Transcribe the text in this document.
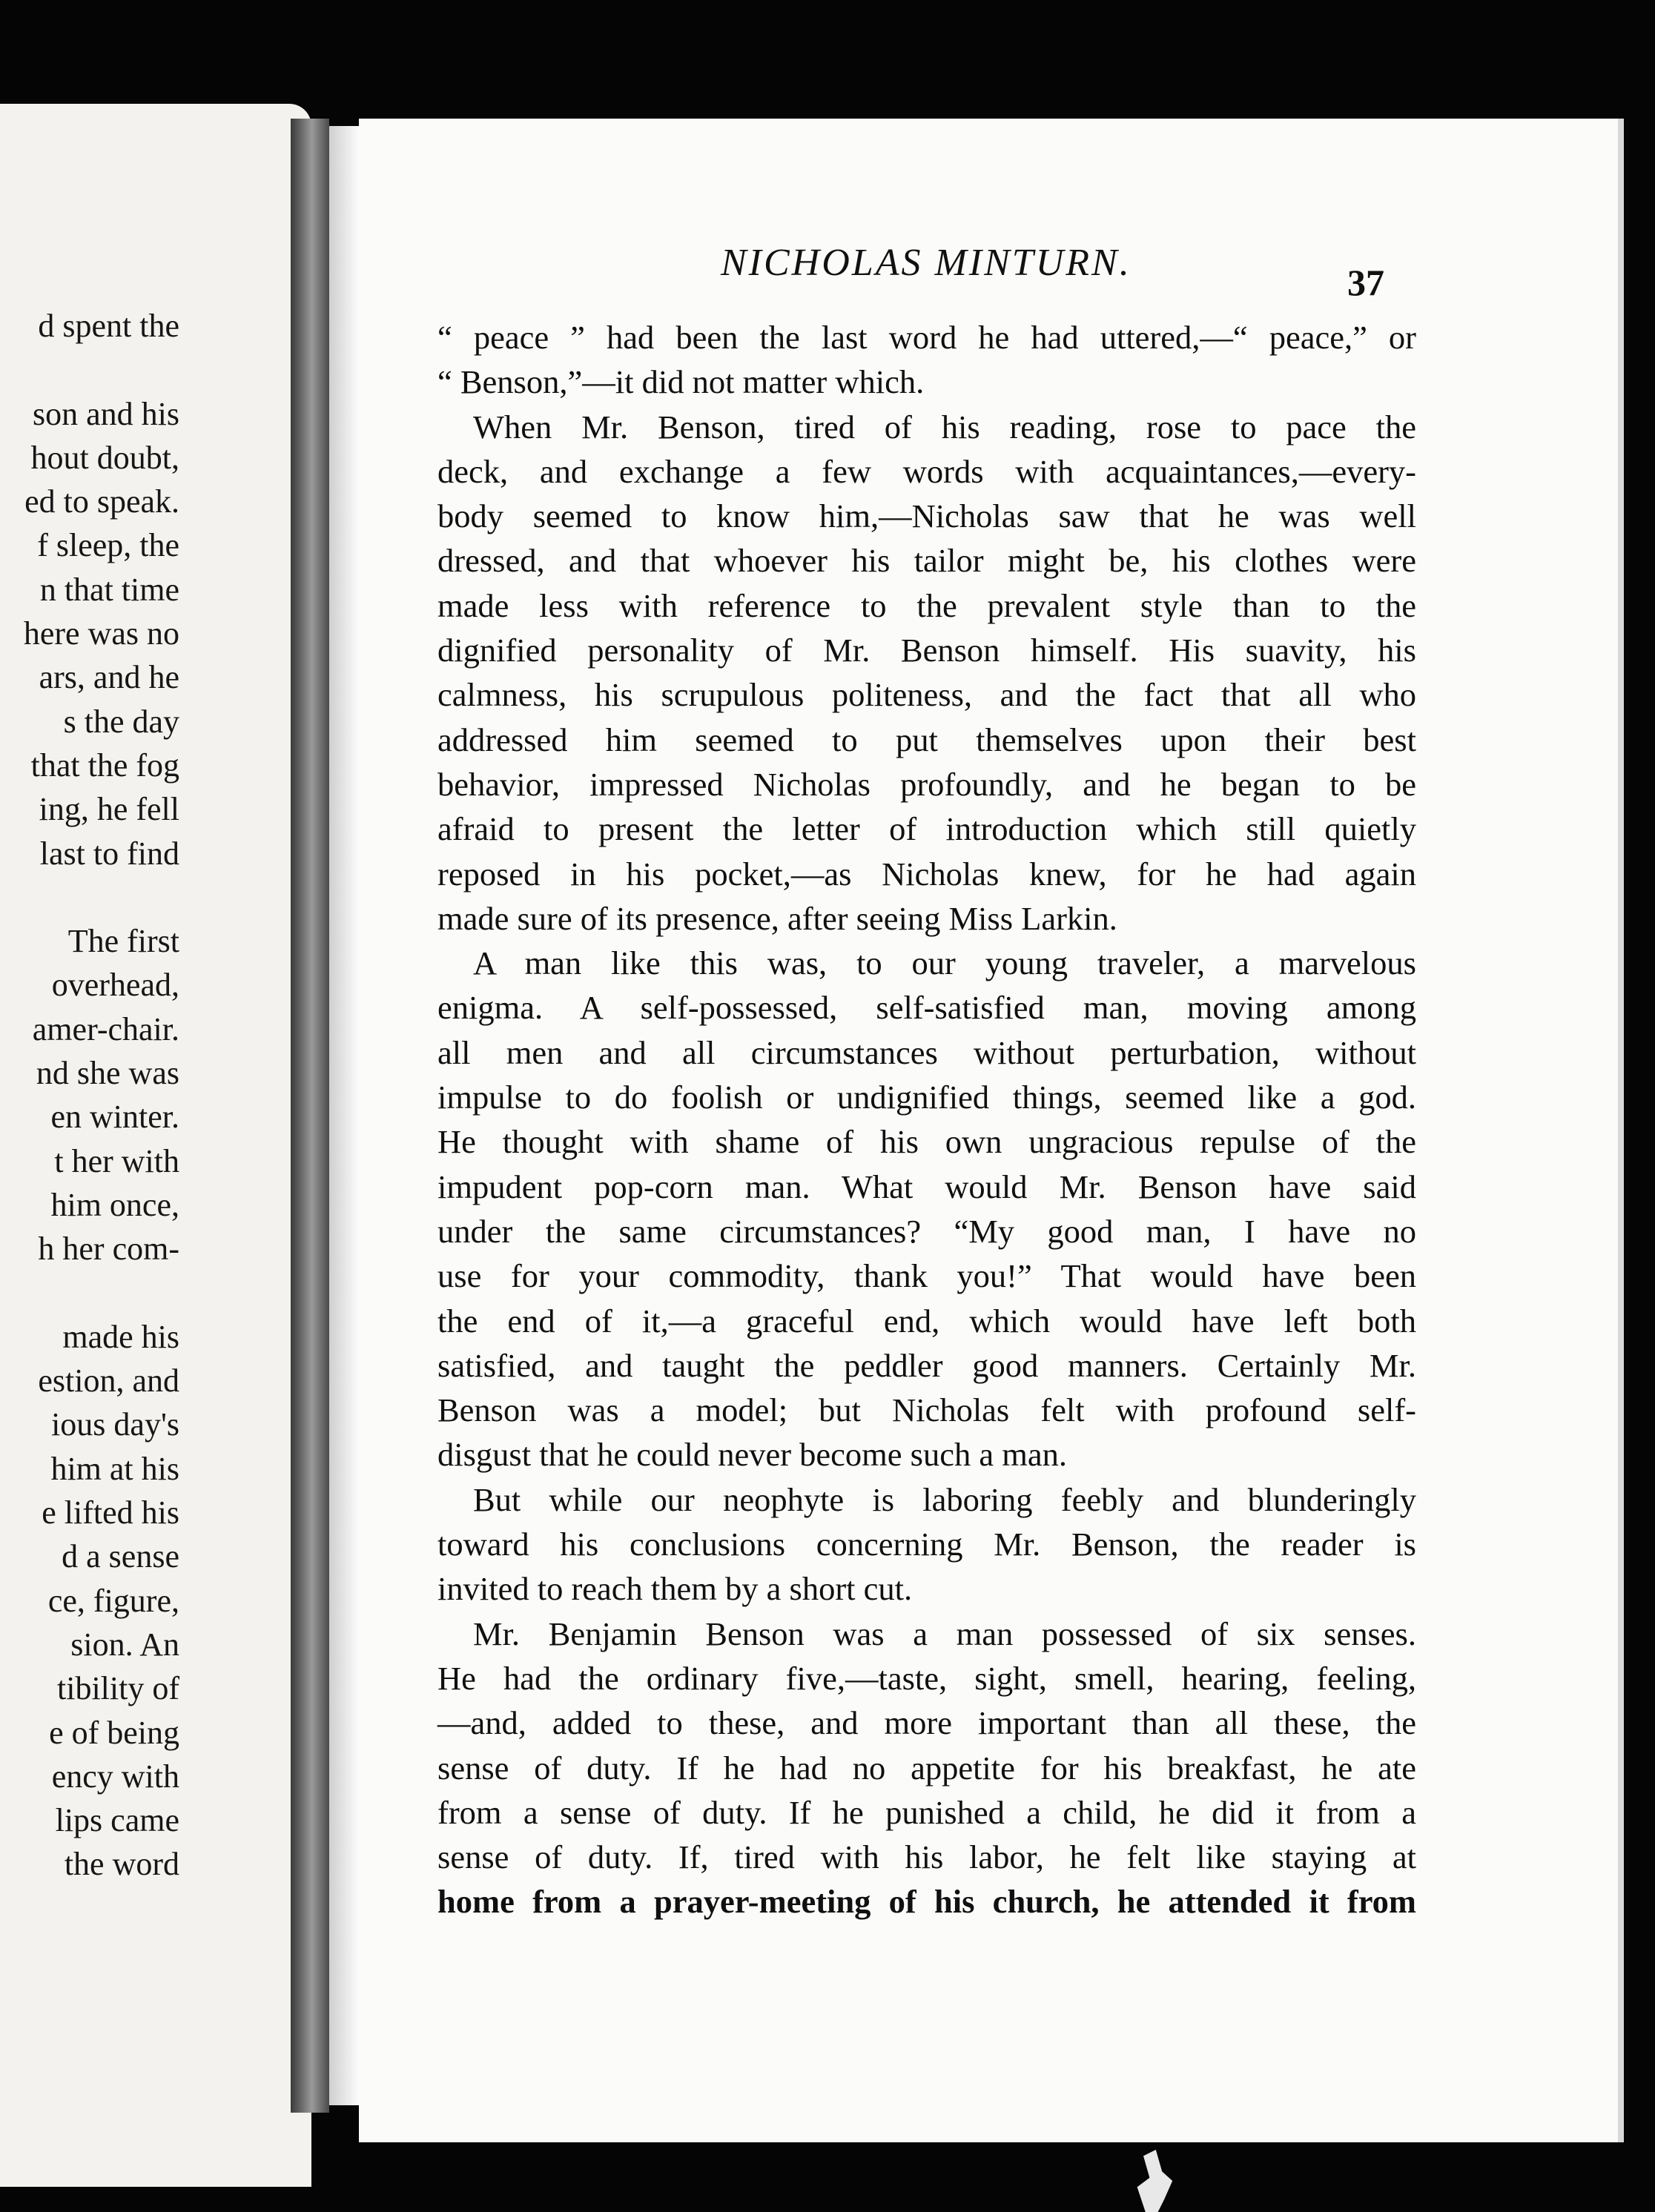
d spent the
son and his
hout doubt,
ed to speak.
f sleep, the
n that time
here was no
ars, and he
s the day
that the fog
ing, he fell
last to find
The first
overhead,
amer-chair.
nd she was
en winter.
t her with
him once,
h her com-
made his
estion, and
ious day's
him at his
e lifted his
d a sense
ce, figure,
sion. An
tibility of
e of being
ency with
lips came
the word
NICHOLAS MINTURN.	37
“ peace ” had been the last word he had uttered,—“ peace,” or
“ Benson,”—it did not matter which.
When Mr. Benson, tired of his reading, rose to pace the
deck, and exchange a few words with acquaintances,—every-
body seemed to know him,—Nicholas saw that he was well
dressed, and that whoever his tailor might be, his clothes were
made less with reference to the prevalent style than to the
dignified personality of Mr. Benson himself. His suavity, his
calmness, his scrupulous politeness, and the fact that all who
addressed him seemed to put themselves upon their best
behavior, impressed Nicholas profoundly, and he began to be
afraid to present the letter of introduction which still quietly
reposed in his pocket,—as Nicholas knew, for he had again
made sure of its presence, after seeing Miss Larkin.
A man like this was, to our young traveler, a marvelous
enigma. A self-possessed, self-satisfied man, moving among
all men and all circumstances without perturbation, without
impulse to do foolish or undignified things, seemed like a god.
He thought with shame of his own ungracious repulse of the
impudent pop-corn man. What would Mr. Benson have said
under the same circumstances? “My good man, I have no
use for your commodity, thank you!” That would have been
the end of it,—a graceful end, which would have left both
satisfied, and taught the peddler good manners. Certainly Mr.
Benson was a model; but Nicholas felt with profound self-
disgust that he could never become such a man.
But while our neophyte is laboring feebly and blunderingly
toward his conclusions concerning Mr. Benson, the reader is
invited to reach them by a short cut.
Mr. Benjamin Benson was a man possessed of six senses.
He had the ordinary five,—taste, sight, smell, hearing, feeling,
—and, added to these, and more important than all these, the
sense of duty. If he had no appetite for his breakfast, he ate
from a sense of duty. If he punished a child, he did it from a
sense of duty. If, tired with his labor, he felt like staying at
home from a prayer-meeting of his church, he attended it from
